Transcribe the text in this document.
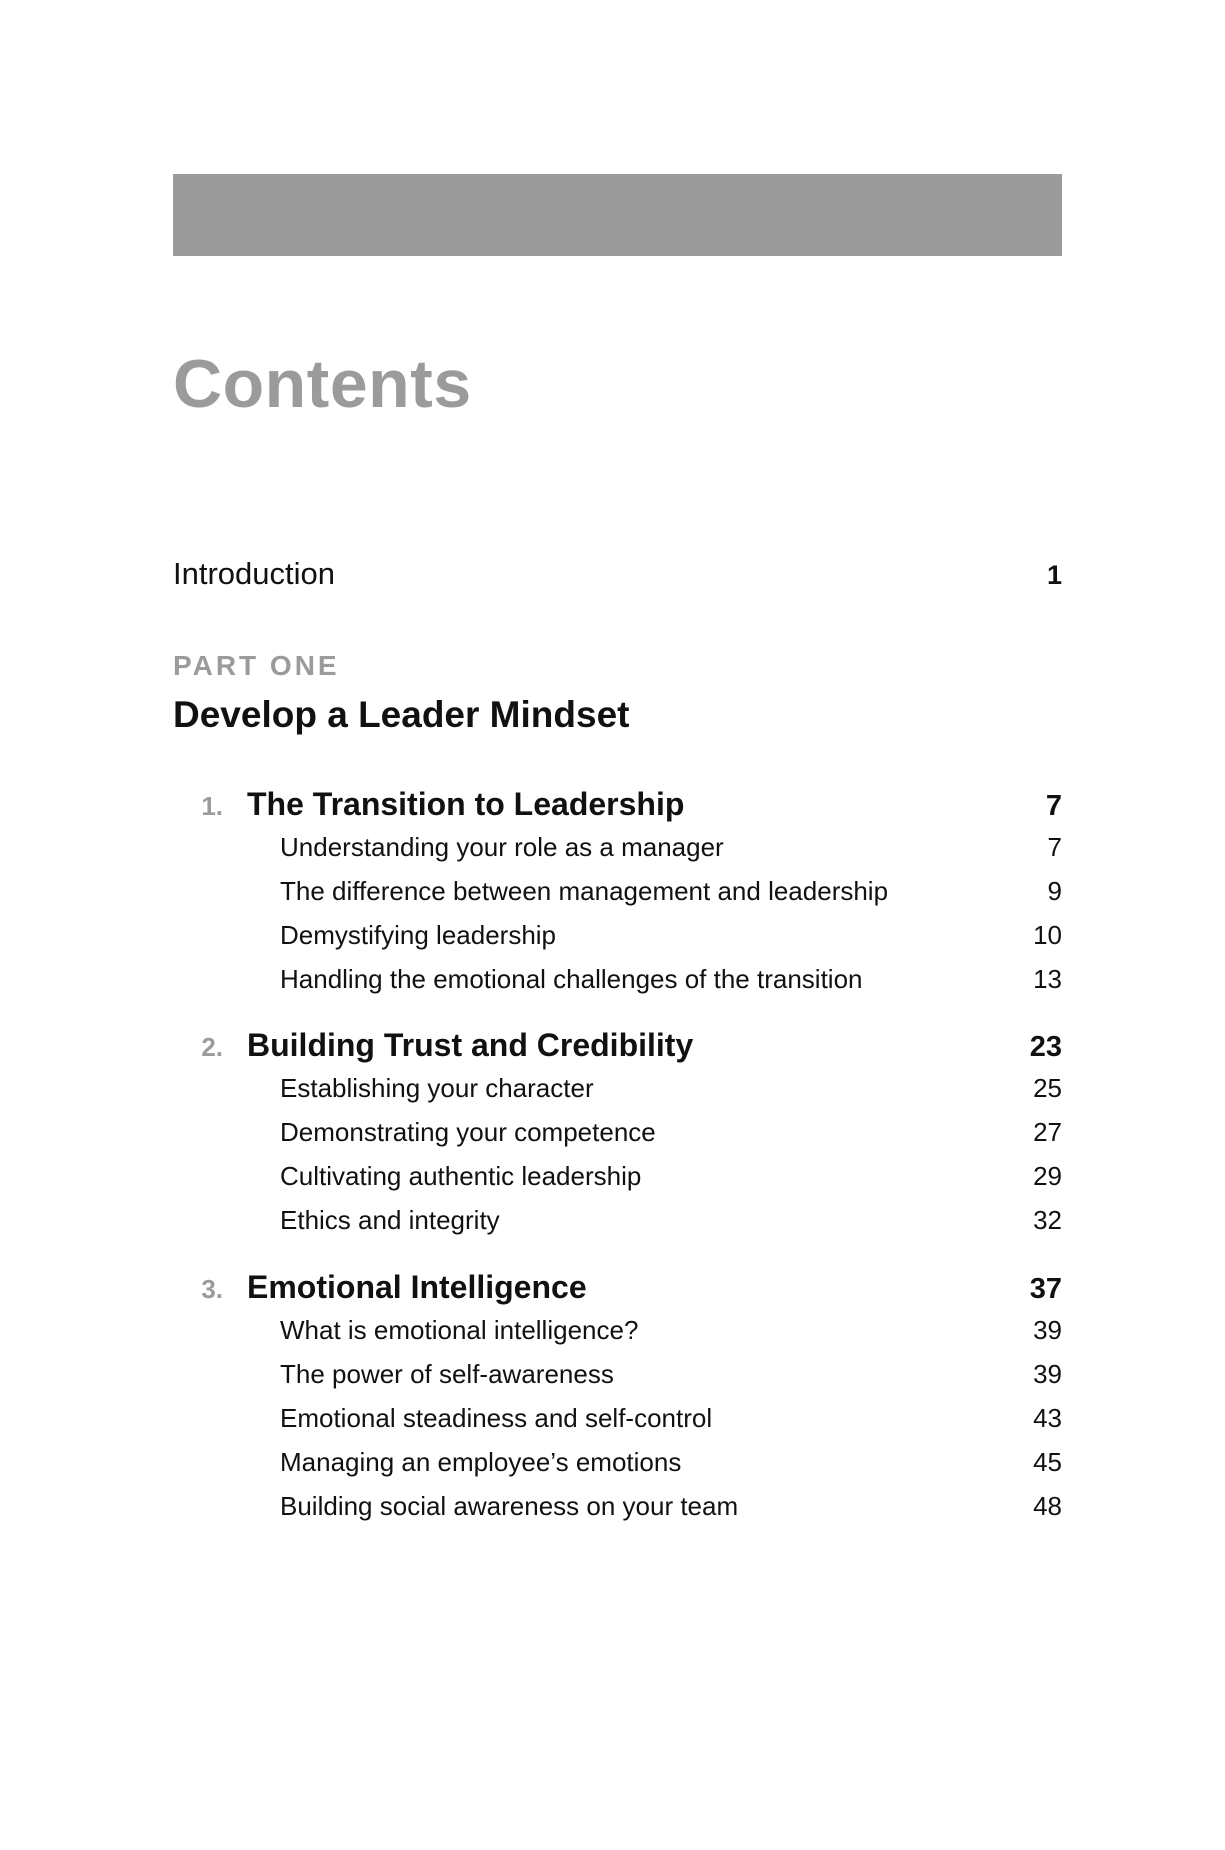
Contents
Introduction	1
PART ONE
Develop a Leader Mindset
1. The Transition to Leadership	7
Understanding your role as a manager	7
The difference between management and leadership	9
Demystifying leadership	10
Handling the emotional challenges of the transition	13
2. Building Trust and Credibility	23
Establishing your character	25
Demonstrating your competence	27
Cultivating authentic leadership	29
Ethics and integrity	32
3. Emotional Intelligence	37
What is emotional intelligence?	39
The power of self-awareness	39
Emotional steadiness and self-control	43
Managing an employee’s emotions	45
Building social awareness on your team	48
